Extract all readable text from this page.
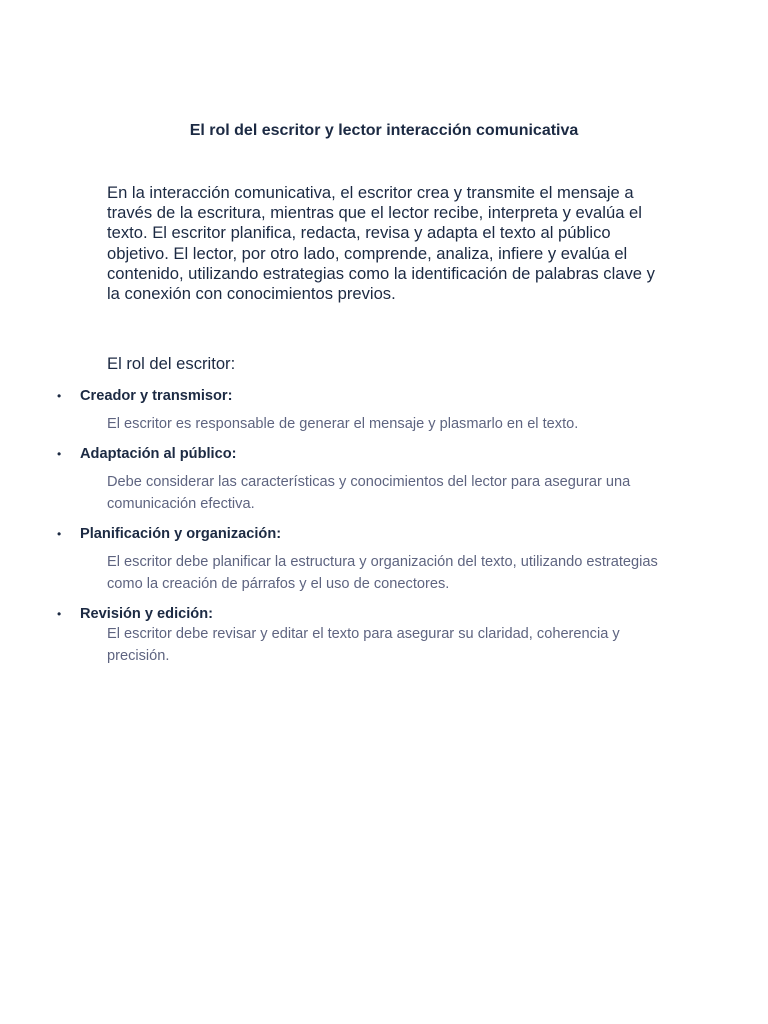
El rol del escritor y lector interacción comunicativa

En la interacción comunicativa, el escritor crea y transmite el mensaje a través de la escritura, mientras que el lector recibe, interpreta y evalúa el texto. El escritor planifica, redacta, revisa y adapta el texto al público objetivo. El lector, por otro lado, comprende, analiza, infiere y evalúa el contenido, utilizando estrategias como la identificación de palabras clave y la conexión con conocimientos previos.

El rol del escritor:

• Creador y transmisor:

El escritor es responsable de generar el mensaje y plasmarlo en el texto.

• Adaptación al público:

Debe considerar las características y conocimientos del lector para asegurar una comunicación efectiva.

• Planificación y organización:

El escritor debe planificar la estructura y organización del texto, utilizando estrategias como la creación de párrafos y el uso de conectores.

• Revisión y edición:

El escritor debe revisar y editar el texto para asegurar su claridad, coherencia y precisión.
